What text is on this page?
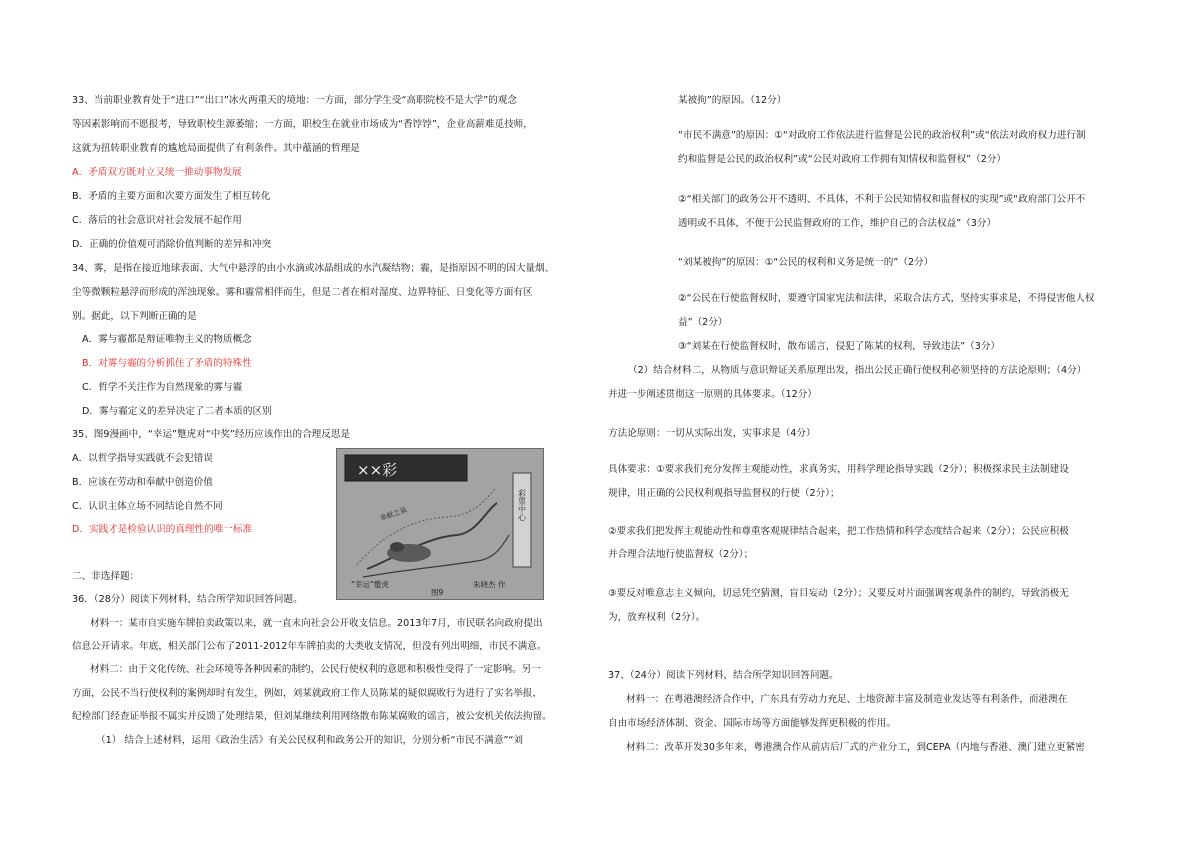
33、当前职业教育处于“进口”“出口”冰火两重天的境地：一方面，部分学生受“高职院校不是大学”的观念
等因素影响而不愿报考，导致职校生源萎缩；一方面，职校生在就业市场成为“香饽饽”，企业高薪难觅技师，
这就为扭转职业教育的尴尬局面提供了有利条件。其中蕴涵的哲理是
A．矛盾双方既对立又统一推动事物发展
B．矛盾的主要方面和次要方面发生了相互转化
C．落后的社会意识对社会发展不起作用
D．正确的价值观可消除价值判断的差异和冲突
34、雾，是指在接近地球表面、大气中悬浮的由小水滴或冰晶组成的水汽凝结物；霾，是指原因不明的因大量烟、
尘等微颗粒悬浮而形成的浑浊现象。雾和霾常相伴而生，但是二者在相对湿度、边界特征、日变化等方面有区
别。据此，以下判断正确的是
A．雾与霾都是辩证唯物主义的物质概念
B．对雾与霾的分析抓住了矛盾的特殊性
C．哲学不关注作为自然现象的雾与霾
D．雾与霾定义的差异决定了二者本质的区别
35、图9漫画中，“幸运”蹩虎对“中奖”经历应该作出的合理反思是
A．以哲学指导实践就不会犯错误
B．应该在劳动和奉献中创造价值
C．认识主体立场不同结论自然不同
D．实践才是检验认识的真理性的唯一标准
二、非选择题：
36．（28分）阅读下列材料，结合所学知识回答问题。
材料一：某市自实施车牌拍卖政策以来，就一直未向社会公开收支信息。2013年7月，市民联名向政府提出
信息公开请求。年底，相关部门公布了2011-2012年车牌拍卖的大类收支情况，但没有列出明细，市民不满意。
材料二：由于文化传统、社会环境等各种因素的制约，公民行使权利的意愿和积极性受得了一定影响。另一
方面，公民不当行使权利的案例却时有发生，例如，刘某就政府工作人员陈某的疑似腐败行为进行了实名举报，
纪检部门经查证举报不属实并反馈了处理结果，但刘某继续利用网络散布陈某腐败的谣言，被公安机关依法拘留。
（1） 结合上述材料，运用《政治生活》有关公民权利和政务公开的知识，分别分析“市民不满意”“刘
××彩
彩票中心
奉献之泉
“幸运”蹩虎
图9
朱晓杰 作
某被拘”的原因。（12分）
“市民不满意”的原因：①“对政府工作依法进行监督是公民的政治权利”或“依法对政府权力进行制
约和监督是公民的政治权利”或“公民对政府工作拥有知情权和监督权”（2分）
②“相关部门的政务公开不透明、不具体，不利于公民知情权和监督权的实现”或“政府部门公开不
透明或不具体，不便于公民监督政府的工作，维护自己的合法权益”（3分）
“刘某被拘”的原因：①“公民的权利和义务是统一的”（2分）
②“公民在行使监督权时，要遵守国家宪法和法律，采取合法方式，坚持实事求是，不得侵害他人权
益”（2分）
③“刘某在行使监督权时，散布谣言，侵犯了陈某的权利，导致违法”（3分）
（2）结合材料二，从物质与意识辩证关系原理出发，指出公民正确行使权利必须坚持的方法论原则；（4分）
并进一步阐述贯彻这一原则的具体要求。（12分）
方法论原则：一切从实际出发，实事求是（4分）
具体要求：①要求我们充分发挥主观能动性，求真务实，用科学理论指导实践（2分）；积极探求民主法制建设
规律，用正确的公民权利观指导监督权的行使（2分）；
②要求我们把发挥主观能动性和尊重客观规律结合起来，把工作热情和科学态度结合起来（2分）；公民应积极
并合理合法地行使监督权（2分）；
③要反对唯意志主义倾向，切忌凭空猜测，盲目妄动（2分）；又要反对片面强调客观条件的制约，导致消极无
为，放弃权利（2分）。
37、（24分）阅读下列材料，结合所学知识回答问题。
材料一：在粤港澳经济合作中，广东具有劳动力充足、土地资源丰富及制造业发达等有利条件，而港澳在
自由市场经济体制、资金、国际市场等方面能够发挥更积极的作用。
材料二：改革开发30多年来，粤港澳合作从前店后厂式的产业分工，到CEPA（内地与香港、澳门建立更紧密
